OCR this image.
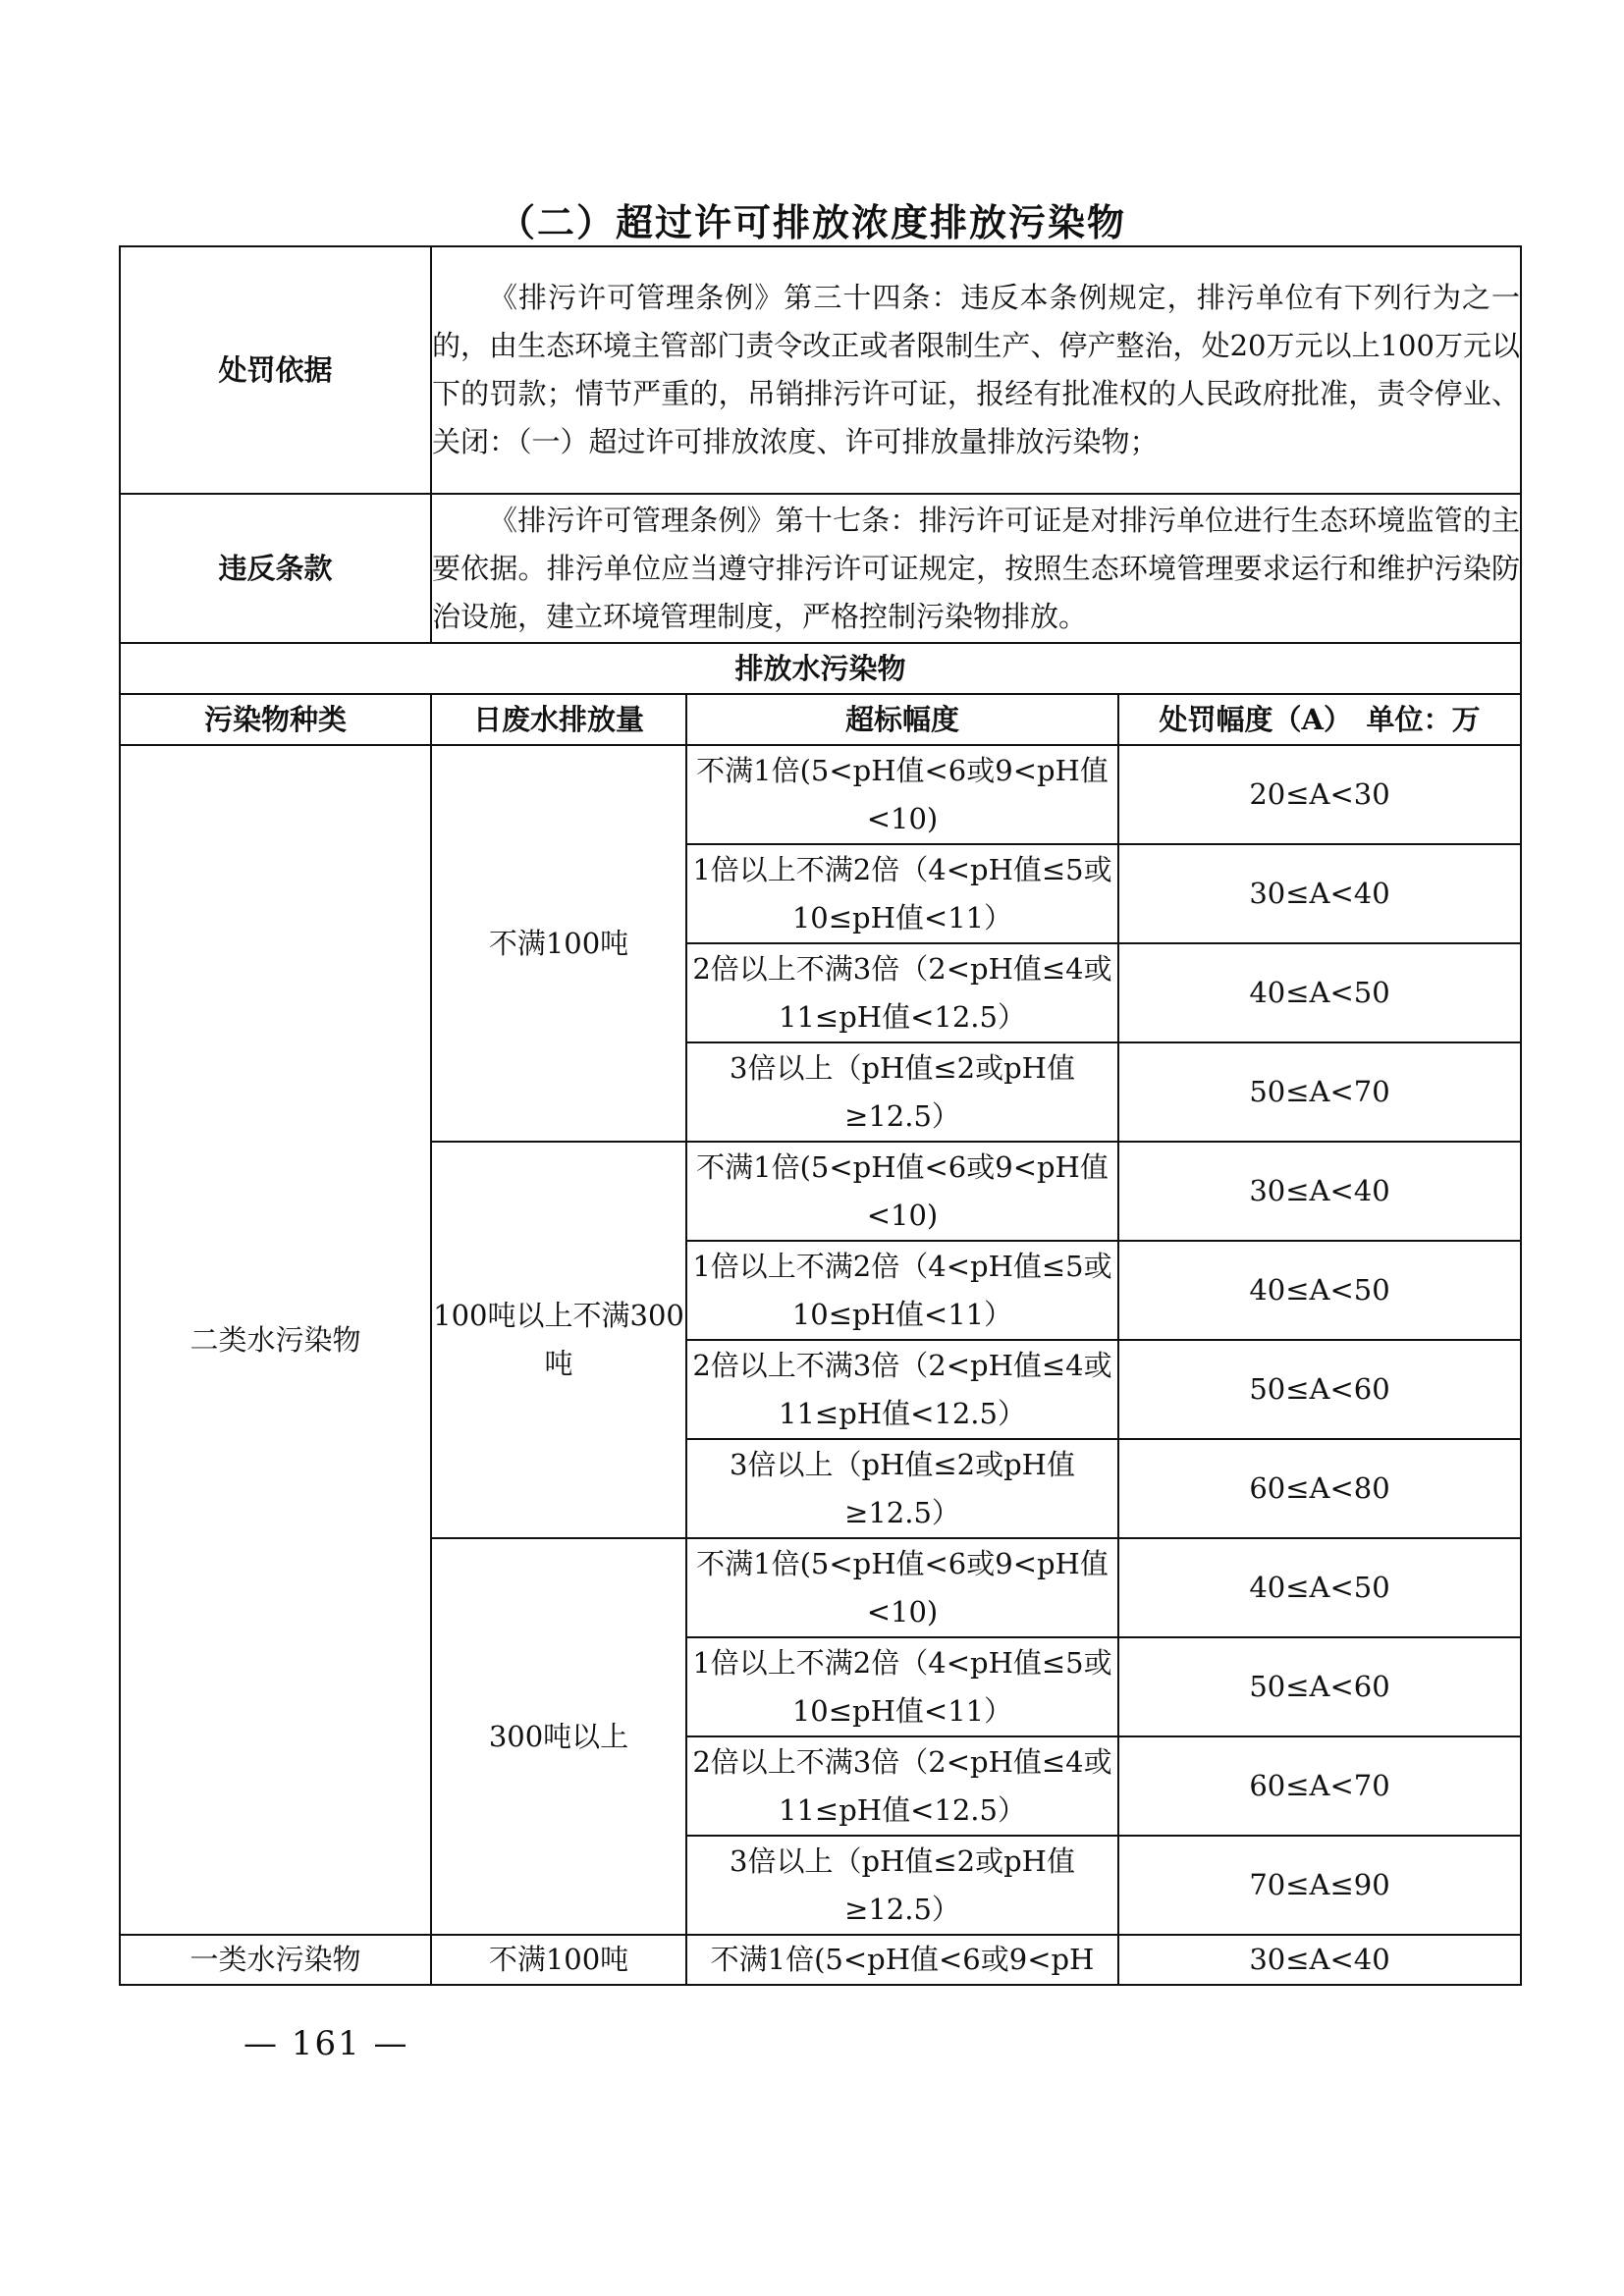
（二）超过许可排放浓度排放污染物
处罚依据	《排污许可管理条例》第三十四条：违反本条例规定，排污单位有下列行为之一的，由生态环境主管部门责令改正或者限制生产、停产整治，处20万元以上100万元以下的罚款；情节严重的，吊销排污许可证，报经有批准权的人民政府批准，责令停业、关闭：（一）超过许可排放浓度、许可排放量排放污染物；		
违反条款	《排污许可管理条例》第十七条：排污许可证是对排污单位进行生态环境监管的主要依据。排污单位应当遵守排污许可证规定，按照生态环境管理要求运行和维护污染防治设施，建立环境管理制度，严格控制污染物排放。		
排放水污染物			
污染物种类	日废水排放量	超标幅度	处罚幅度（A）　单位：万
二类水污染物	不满100吨	不满1倍(5<pH值<6或9<pH值<10)	20≤A<30
		1倍以上不满2倍（4<pH值≤5或10≤pH值<11）	30≤A<40
		2倍以上不满3倍（2<pH值≤4或11≤pH值<12.5）	40≤A<50
		3倍以上（pH值≤2或pH值≥12.5）	50≤A<70
	100吨以上不满300吨	不满1倍(5<pH值<6或9<pH值<10)	30≤A<40
		1倍以上不满2倍（4<pH值≤5或10≤pH值<11）	40≤A<50
		2倍以上不满3倍（2<pH值≤4或11≤pH值<12.5）	50≤A<60
		3倍以上（pH值≤2或pH值≥12.5）	60≤A<80
	300吨以上	不满1倍(5<pH值<6或9<pH值<10)	40≤A<50
		1倍以上不满2倍（4<pH值≤5或10≤pH值<11）	50≤A<60
		2倍以上不满3倍（2<pH值≤4或11≤pH值<12.5）	60≤A<70
		3倍以上（pH值≤2或pH值≥12.5）	70≤A≤90
一类水污染物	不满100吨	不满1倍(5<pH值<6或9<pH	30≤A<40
— 161 —
